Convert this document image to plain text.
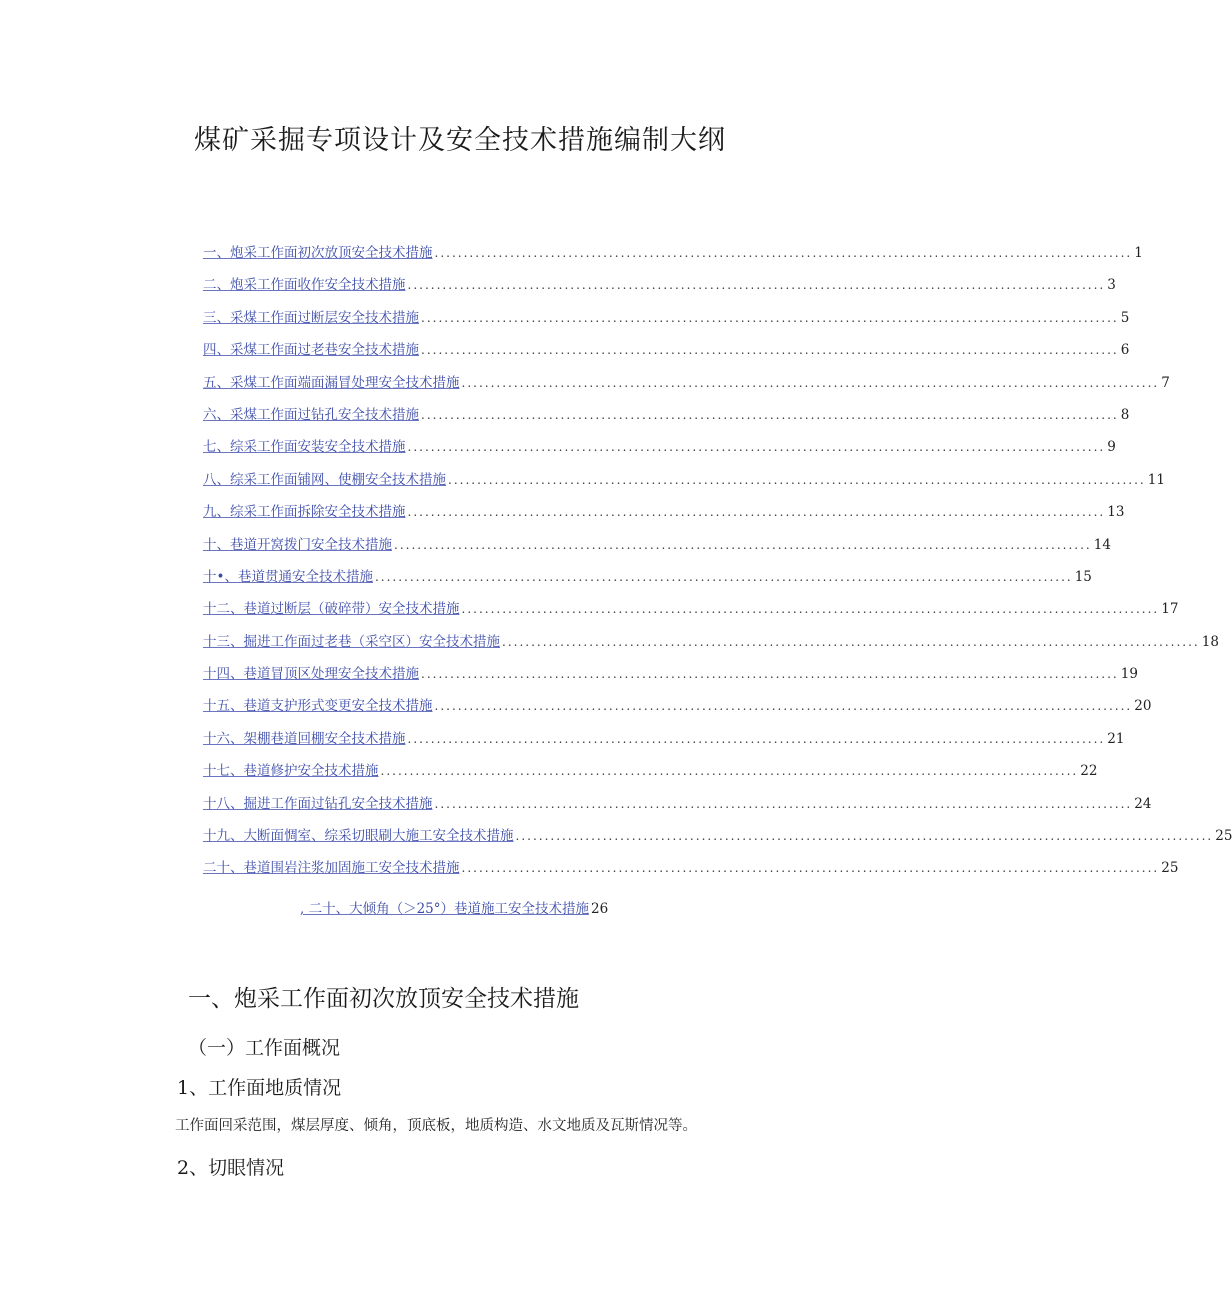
煤矿采掘专项设计及安全技术措施编制大纲
一、炮采工作面初次放顶安全技术措施 ........................................................................................................................ 1
二、炮采工作面收作安全技术措施 ........................................................................................................................ 3
三、采煤工作面过断层安全技术措施 ........................................................................................................................ 5
四、采煤工作面过老巷安全技术措施 ........................................................................................................................ 6
五、采煤工作面端面漏冒处理安全技术措施 ........................................................................................................................ 7
六、采煤工作面过钻孔安全技术措施 ........................................................................................................................ 8
七、综采工作面安装安全技术措施 ........................................................................................................................ 9
八、综采工作面铺网、使棚安全技术措施 ........................................................................................................................ 11
九、综采工作面拆除安全技术措施 ........................................................................................................................ 13
十、巷道开窝拨门安全技术措施 ........................................................................................................................ 14
十•、巷道贯通安全技术措施 ........................................................................................................................ 15
十二、巷道过断层（破碎带）安全技术措施 ........................................................................................................................ 17
十三、掘进工作面过老巷（采空区）安全技术措施 ........................................................................................................................ 18
十四、巷道冒顶区处理安全技术措施 ........................................................................................................................ 19
十五、巷道支护形式变更安全技术措施 ........................................................................................................................ 20
十六、架棚巷道回棚安全技术措施 ........................................................................................................................ 21
十七、巷道修护安全技术措施 ........................................................................................................................ 22
十八、掘进工作面过钻孔安全技术措施 ........................................................................................................................ 24
十九、大断面惆室、综采切眼刷大施工安全技术措施 ........................................................................................................................ 25
二十、巷道围岩注浆加固施工安全技术措施 ........................................................................................................................ 25
, 二十、大倾角（＞25°）巷道施工安全技术措施 26
一、炮采工作面初次放顶安全技术措施
（一）工作面概况
1、工作面地质情况
工作面回采范围，煤层厚度、倾角，顶底板，地质构造、水文地质及瓦斯情况等。
2、切眼情况
